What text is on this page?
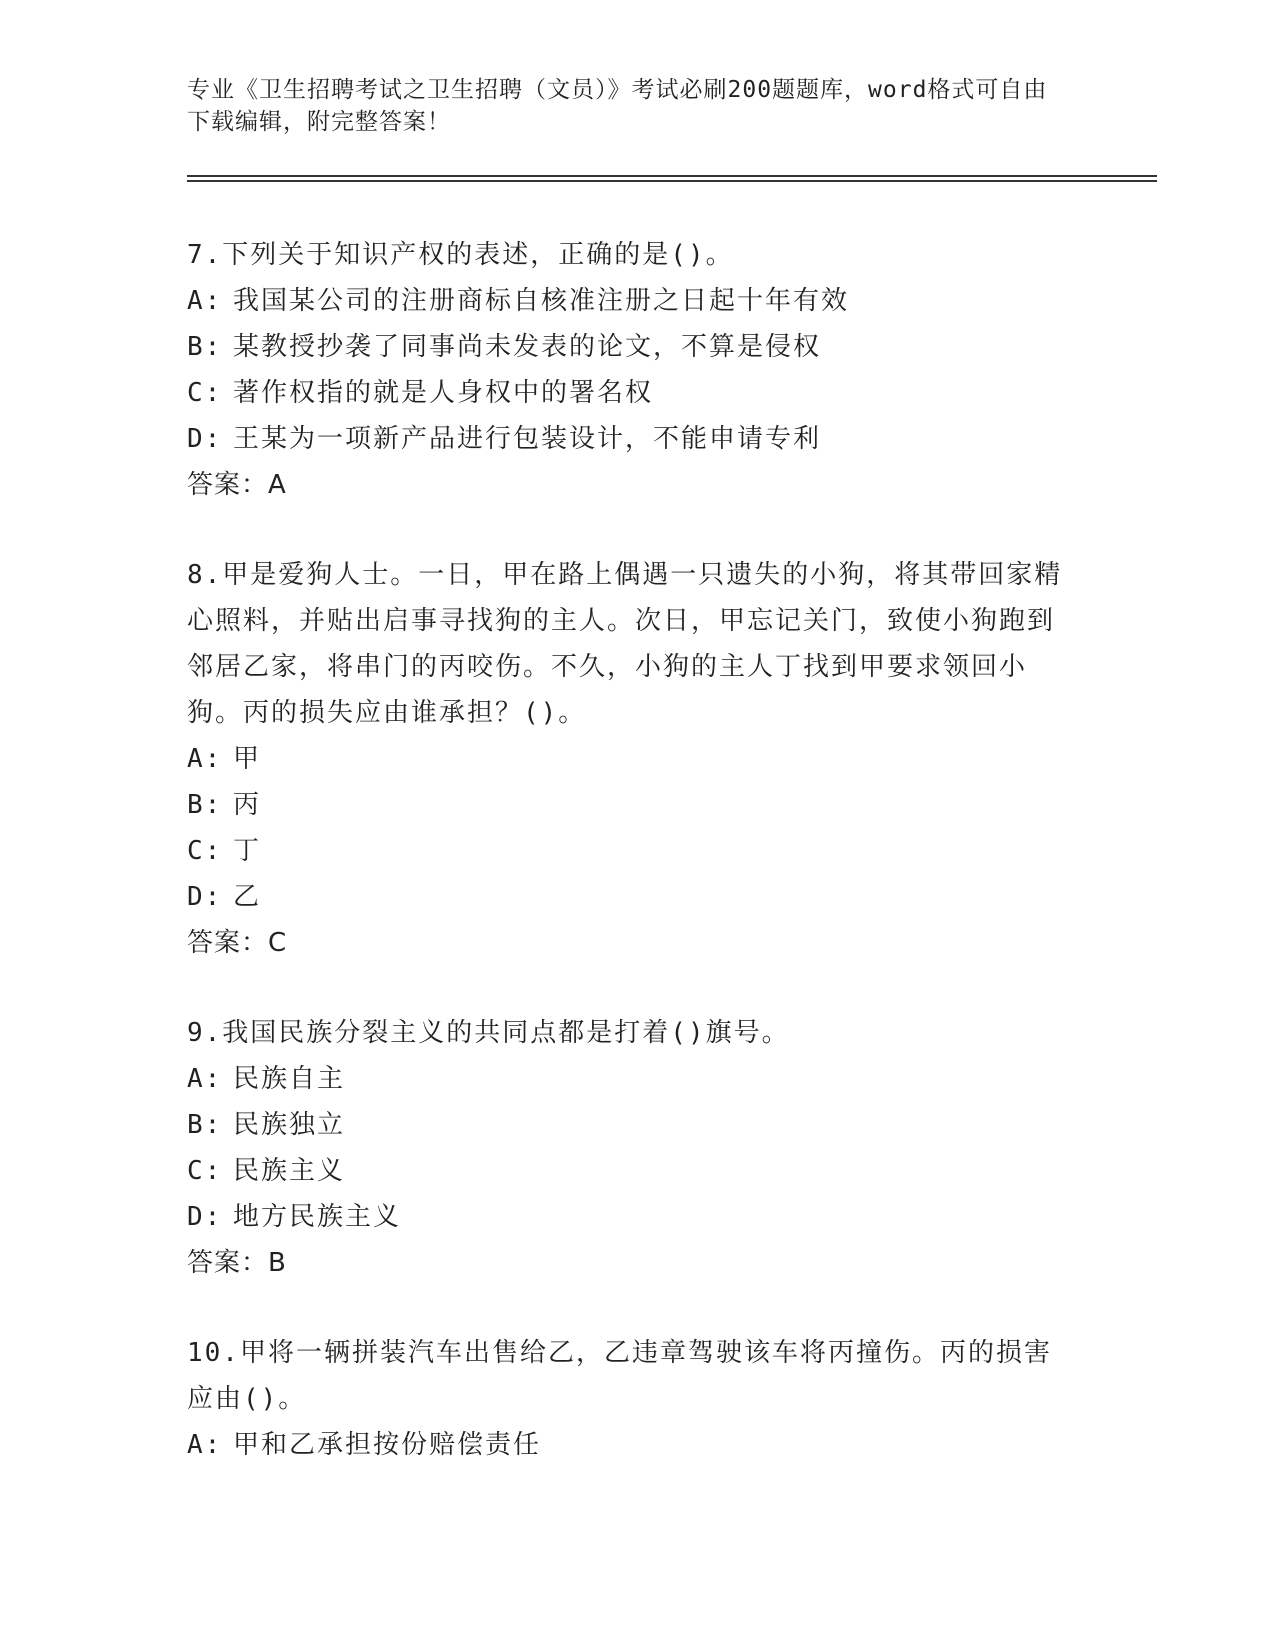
专业《卫生招聘考试之卫生招聘（文员）》考试必刷200题题库，word格式可自由下载编辑，附完整答案！

7.下列关于知识产权的表述，正确的是()。

A: 我国某公司的注册商标自核准注册之日起十年有效
B: 某教授抄袭了同事尚未发表的论文，不算是侵权
C: 著作权指的就是人身权中的署名权
D: 王某为一项新产品进行包装设计，不能申请专利
答案：A

8.甲是爱狗人士。一日，甲在路上偶遇一只遗失的小狗，将其带回家精心照料，并贴出启事寻找狗的主人。次日，甲忘记关门，致使小狗跑到邻居乙家，将串门的丙咬伤。不久，小狗的主人丁找到甲要求领回小狗。丙的损失应由谁承担？()。

A: 甲
B: 丙
C: 丁
D: 乙
答案：C

9.我国民族分裂主义的共同点都是打着()旗号。

A: 民族自主
B: 民族独立
C: 民族主义
D: 地方民族主义
答案：B

10.甲将一辆拼装汽车出售给乙，乙违章驾驶该车将丙撞伤。丙的损害应由()。

A: 甲和乙承担按份赔偿责任
